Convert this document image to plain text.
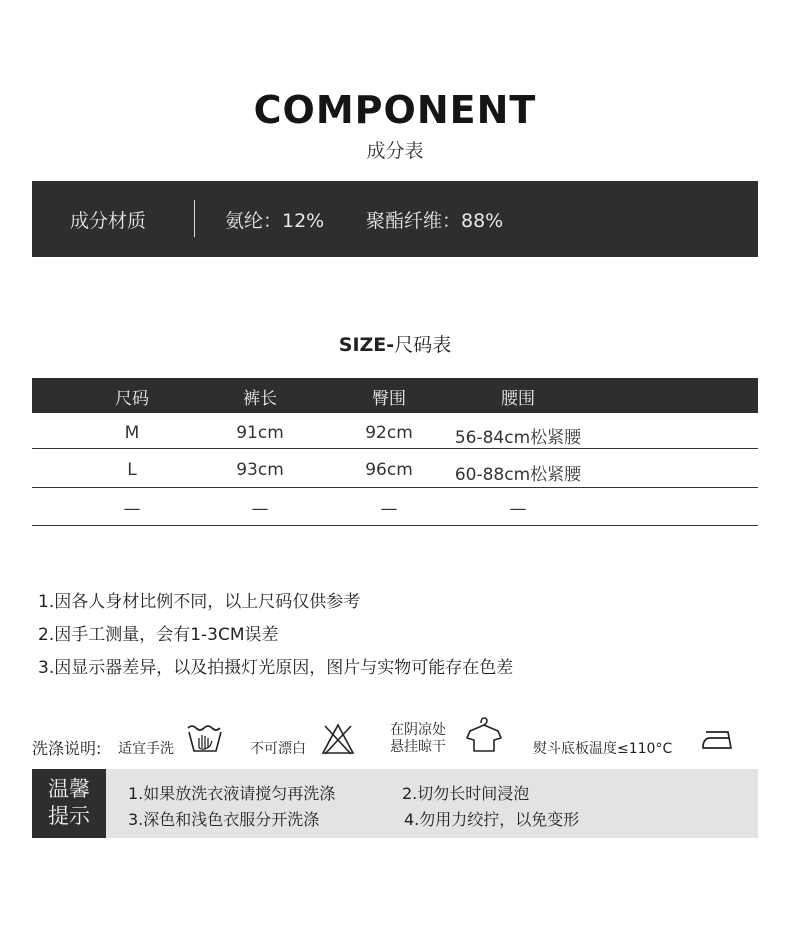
COMPONENT
成分表
成分材质	氨纶：12% 聚酯纤维：88%
SIZE-尺码表
尺码	裤长	臀围	腰围
M	91cm	92cm	56-84cm松紧腰
L	93cm	96cm	60-88cm松紧腰
—	—	—	—
1.因各人身材比例不同，以上尺码仅供参考
2.因手工测量，会有1-3CM误差
3.因显示器差异，以及拍摄灯光原因，图片与实物可能存在色差
洗涤说明: 适宜手洗	不可漂白
在阴凉处
悬挂晾干	熨斗底板温度≤110°C
温馨
提示
1.如果放洗衣液请搅匀再洗涤	2.切勿长时间浸泡
3.深色和浅色衣服分开洗涤	4.勿用力绞拧，以免变形
